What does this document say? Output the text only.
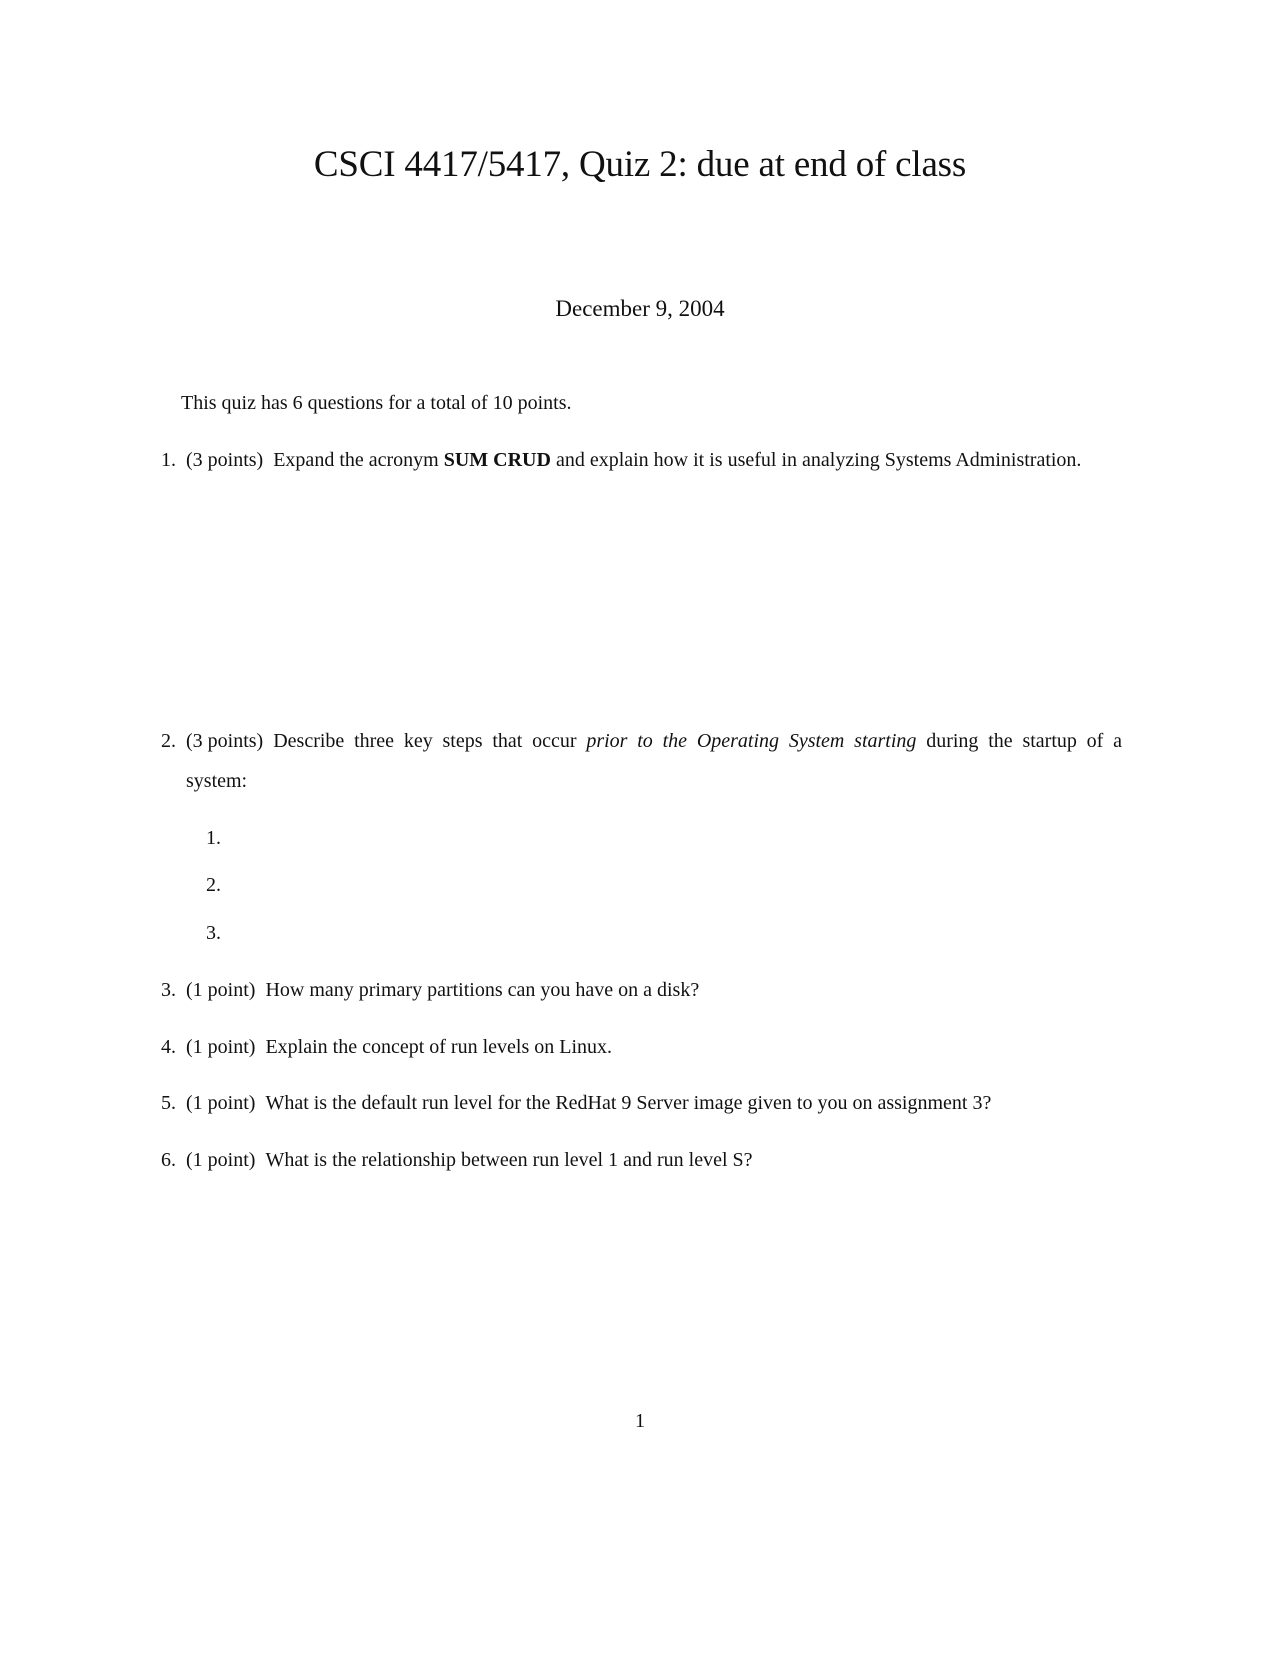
CSCI 4417/5417, Quiz 2: due at end of class
December 9, 2004
This quiz has 6 questions for a total of 10 points.
1. (3 points) Expand the acronym SUM CRUD and explain how it is useful in analyzing Systems Administration.
2. (3 points) Describe three key steps that occur prior to the Operating System starting during the startup of a
system:
1.
2.
3.
3. (1 point) How many primary partitions can you have on a disk?
4. (1 point) Explain the concept of run levels on Linux.
5. (1 point) What is the default run level for the RedHat 9 Server image given to you on assignment 3?
6. (1 point) What is the relationship between run level 1 and run level S?
1
